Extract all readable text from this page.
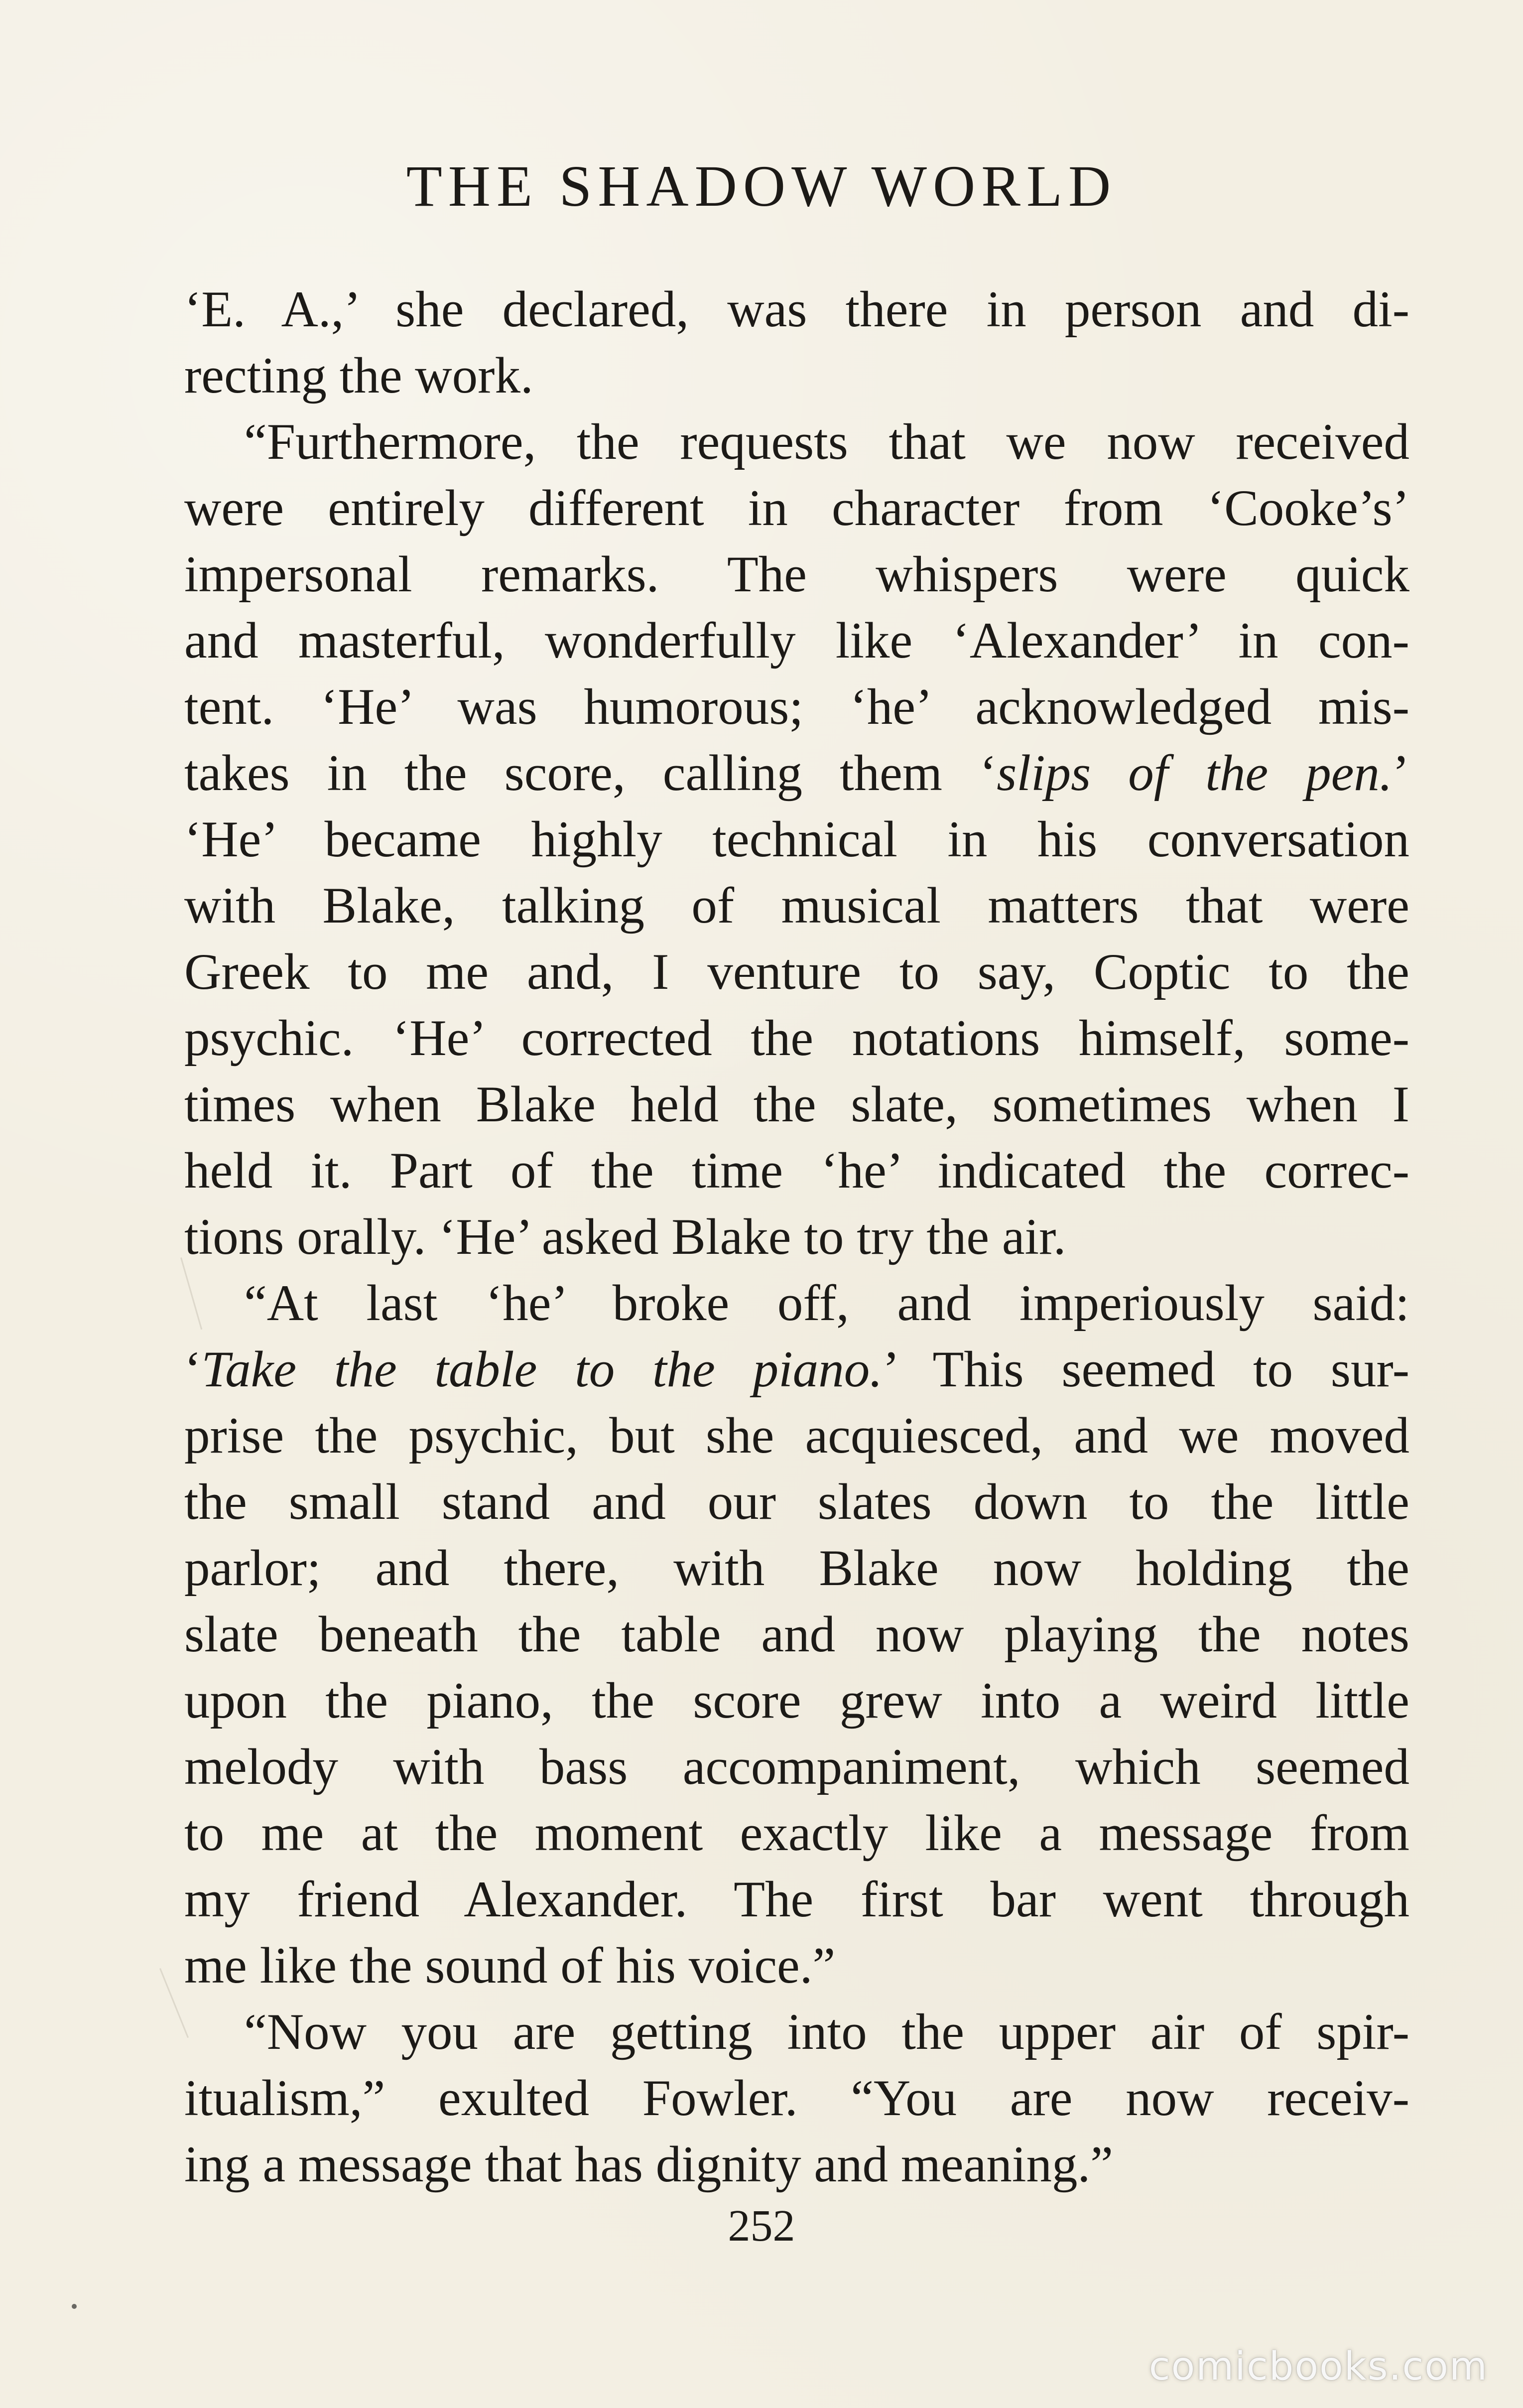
THE SHADOW WORLD
‘E. A.,’ she declared, was there in person and di-
recting the work.
“Furthermore, the requests that we now received
were entirely different in character from ‘Cooke’s’
impersonal remarks. The whispers were quick
and masterful, wonderfully like ‘Alexander’ in con-
tent. ‘He’ was humorous; ‘he’ acknowledged mis-
takes in the score, calling them ‘slips of the pen.’
‘He’ became highly technical in his conversation
with Blake, talking of musical matters that were
Greek to me and, I venture to say, Coptic to the
psychic. ‘He’ corrected the notations himself, some-
times when Blake held the slate, sometimes when I
held it. Part of the time ‘he’ indicated the correc-
tions orally. ‘He’ asked Blake to try the air.
“At last ‘he’ broke off, and imperiously said:
‘Take the table to the piano.’ This seemed to sur-
prise the psychic, but she acquiesced, and we moved
the small stand and our slates down to the little
parlor; and there, with Blake now holding the
slate beneath the table and now playing the notes
upon the piano, the score grew into a weird little
melody with bass accompaniment, which seemed
to me at the moment exactly like a message from
my friend Alexander. The first bar went through
me like the sound of his voice.”
“Now you are getting into the upper air of spir-
itualism,” exulted Fowler. “You are now receiv-
ing a message that has dignity and meaning.”
252
comicbooks.com
